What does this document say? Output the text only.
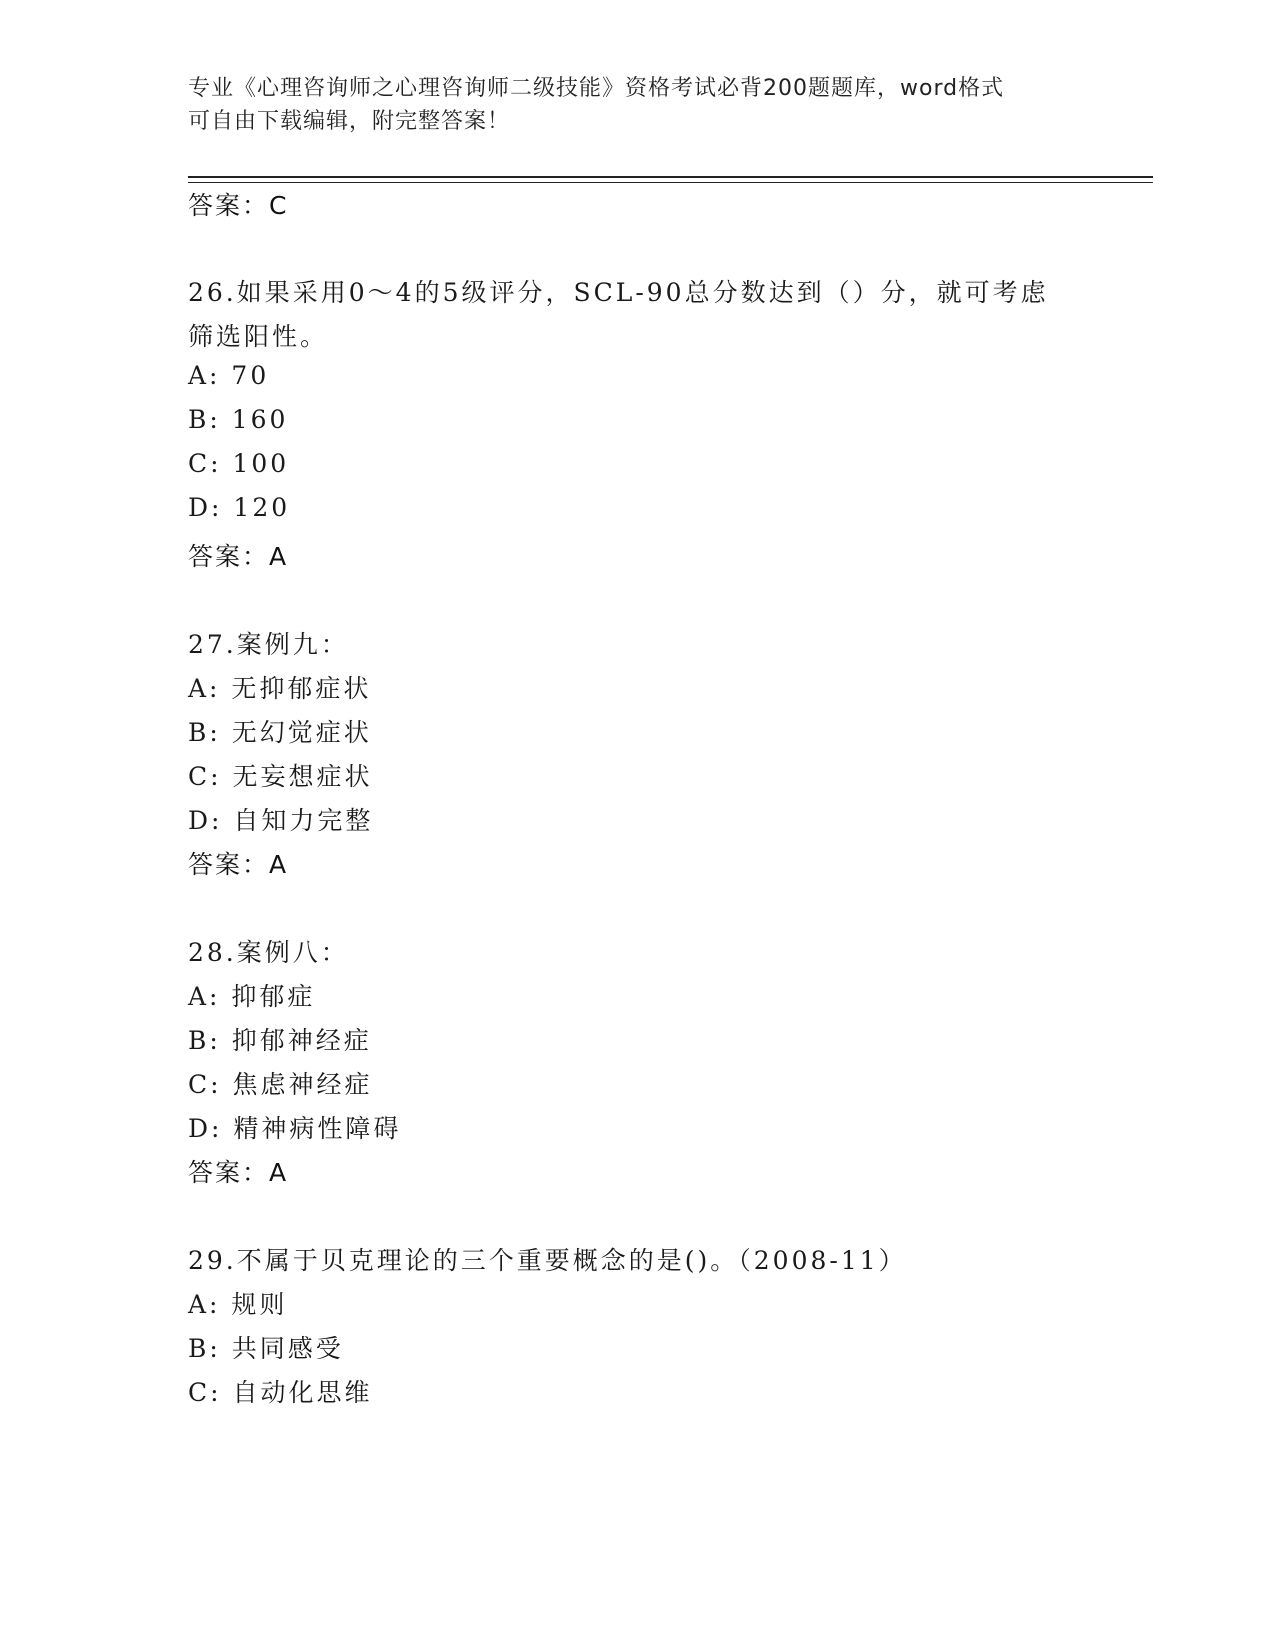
专业《心理咨询师之心理咨询师二级技能》资格考试必背200题题库，word格式
可自由下载编辑，附完整答案！
答案：C
26.如果采用0～4的5级评分，SCL-90总分数达到（）分，就可考虑
筛选阳性。
A: 70
B: 160
C: 100
D: 120
答案：A
27.案例九：
A: 无抑郁症状
B: 无幻觉症状
C: 无妄想症状
D: 自知力完整
答案：A
28.案例八：
A: 抑郁症
B: 抑郁神经症
C: 焦虑神经症
D: 精神病性障碍
答案：A
29.不属于贝克理论的三个重要概念的是()。（2008-11）
A: 规则
B: 共同感受
C: 自动化思维
